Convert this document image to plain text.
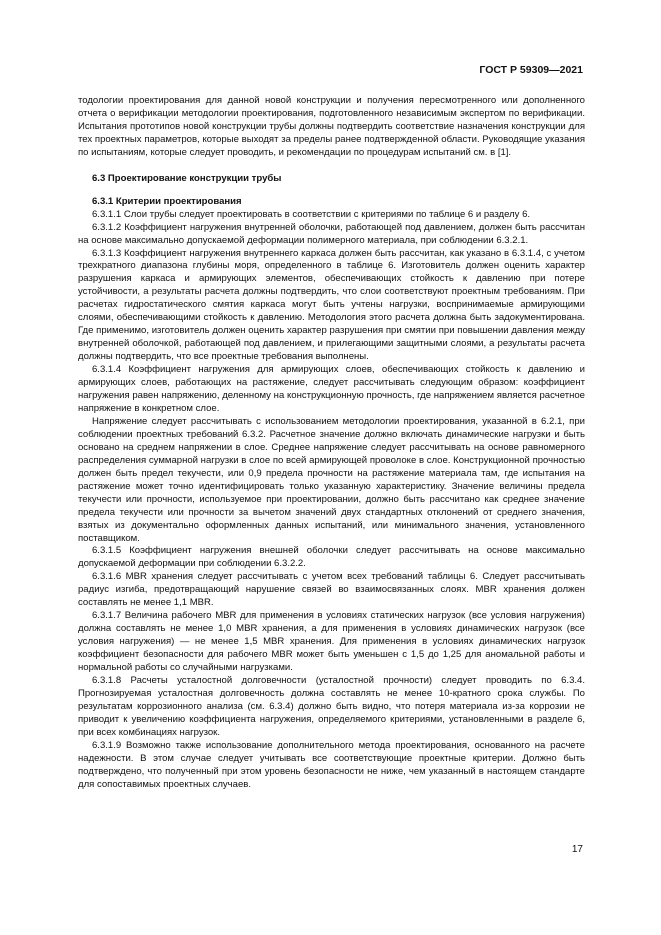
ГОСТ Р 59309—2021

тодологии проектирования для данной новой конструкции и получения пересмотренного или дополненного отчета о верификации методологии проектирования, подготовленного независимым экспертом по верификации. Испытания прототипов новой конструкции трубы должны подтвердить соответствие назначения конструкции для тех проектных параметров, которые выходят за пределы ранее подтвержденной области. Руководящие указания по испытаниям, которые следует проводить, и рекомендации по процедурам испытаний см. в [1].

6.3 Проектирование конструкции трубы

6.3.1 Критерии проектирования

6.3.1.1 Слои трубы следует проектировать в соответствии с критериями по таблице 6 и разделу 6.

6.3.1.2 Коэффициент нагружения внутренней оболочки, работающей под давлением, должен быть рассчитан на основе максимально допускаемой деформации полимерного материала, при соблюдении 6.3.2.1.

6.3.1.3 Коэффициент нагружения внутреннего каркаса должен быть рассчитан, как указано в 6.3.1.4, с учетом трехкратного диапазона глубины моря, определенного в таблице 6. Изготовитель должен оценить характер разрушения каркаса и армирующих элементов, обеспечивающих стойкость к давлению при потере устойчивости, а результаты расчета должны подтвердить, что слои соответствуют проектным требованиям. При расчетах гидростатического смятия каркаса могут быть учтены нагрузки, воспринимаемые армирующими слоями, обеспечивающими стойкость к давлению. Методология этого расчета должна быть задокументирована. Где применимо, изготовитель должен оценить характер разрушения при смятии при повышении давления между внутренней оболочкой, работающей под давлением, и прилегающими защитными слоями, а результаты расчета должны подтвердить, что все проектные требования выполнены.

6.3.1.4 Коэффициент нагружения для армирующих слоев, обеспечивающих стойкость к давлению и армирующих слоев, работающих на растяжение, следует рассчитывать следующим образом: коэффициент нагружения равен напряжению, деленному на конструкционную прочность, где напряжением является расчетное напряжение в конкретном слое.

Напряжение следует рассчитывать с использованием методологии проектирования, указанной в 6.2.1, при соблюдении проектных требований 6.3.2. Расчетное значение должно включать динамические нагрузки и быть основано на среднем напряжении в слое. Среднее напряжение следует рассчитывать на основе равномерного распределения суммарной нагрузки в слое по всей армирующей проволоке в слое. Конструкционной прочностью должен быть предел текучести, или 0,9 предела прочности на растяжение материала там, где испытания на растяжение может точно идентифицировать только указанную характеристику. Значение величины предела текучести или прочности, используемое при проектировании, должно быть рассчитано как среднее значение предела текучести или прочности за вычетом значений двух стандартных отклонений от среднего значения, взятых из документально оформленных данных испытаний, или минимального значения, установленного поставщиком.

6.3.1.5 Коэффициент нагружения внешней оболочки следует рассчитывать на основе максимально допускаемой деформации при соблюдении 6.3.2.2.

6.3.1.6 MBR хранения следует рассчитывать с учетом всех требований таблицы 6. Следует рассчитывать радиус изгиба, предотвращающий нарушение связей во взаимосвязанных слоях. MBR хранения должен составлять не менее 1,1 MBR.

6.3.1.7 Величина рабочего MBR для применения в условиях статических нагрузок (все условия нагружения) должна составлять не менее 1,0 MBR хранения, а для применения в условиях динамических нагрузок (все условия нагружения) — не менее 1,5 MBR хранения. Для применения в условиях динамических нагрузок коэффициент безопасности для рабочего MBR может быть уменьшен с 1,5 до 1,25 для аномальной работы и нормальной работы со случайными нагрузками.

6.3.1.8 Расчеты усталостной долговечности (усталостной прочности) следует проводить по 6.3.4. Прогнозируемая усталостная долговечность должна составлять не менее 10-кратного срока службы. По результатам коррозионного анализа (см. 6.3.4) должно быть видно, что потеря материала из-за коррозии не приводит к увеличению коэффициента нагружения, определяемого критериями, установленными в разделе 6, при всех комбинациях нагрузок.

6.3.1.9 Возможно также использование дополнительного метода проектирования, основанного на расчете надежности. В этом случае следует учитывать все соответствующие проектные критерии. Должно быть подтверждено, что полученный при этом уровень безопасности не ниже, чем указанный в настоящем стандарте для сопоставимых проектных случаев.

17
